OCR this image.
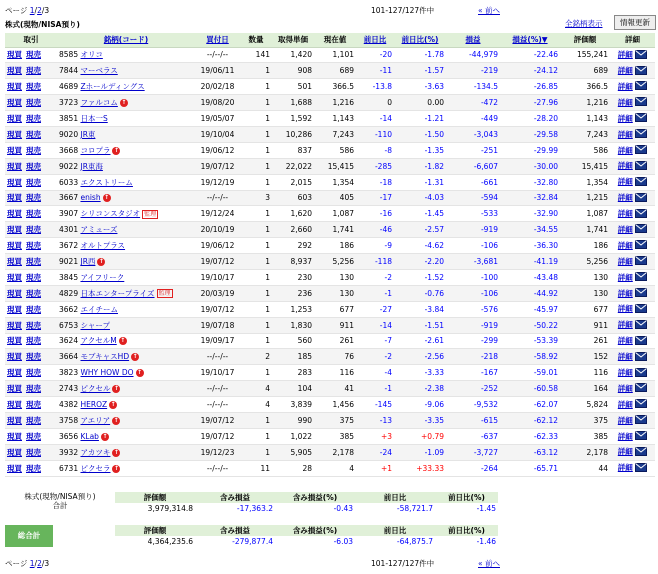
ページ 1/2/3	101-127/127件中	« 前へ
株式(現物/NISA預り)	全銘柄表示	情報更新
取引	銘柄(コード)	買付日	数量	取得単価	現在値	前日比	前日比(%)	損益	損益(%)▼	評価額	詳細
現買 現売	8585 オリコ	--/--/--	141	1,420	1,101	-20	-1.78	-44,979	-22.46	155,241	詳細
現買 現売	7844 マーベラス	19/06/11	1	908	689	-11	-1.57	-219	-24.12	689	詳細
現買 現売	4689 Zホールディングス	20/02/18	1	501	366.5	-13.8	-3.63	-134.5	-26.85	366.5	詳細
現買 現売	3723 ファルコム ↑	19/08/20	1	1,688	1,216	0	0.00	-472	-27.96	1,216	詳細
現買 現売	3851 日本一S	19/05/07	1	1,592	1,143	-14	-1.21	-449	-28.20	1,143	詳細
現買 現売	9020 JR東	19/10/04	1	10,286	7,243	-110	-1.50	-3,043	-29.58	7,243	詳細
現買 現売	3668 コロプラ ↑	19/06/12	1	837	586	-8	-1.35	-251	-29.99	586	詳細
現買 現売	9022 JR東海	19/07/12	1	22,022	15,415	-285	-1.82	-6,607	-30.00	15,415	詳細
現買 現売	6033 エクストリーム	19/12/19	1	2,015	1,354	-18	-1.31	-661	-32.80	1,354	詳細
現買 現売	3667 enish ↑	--/--/--	3	603	405	-17	-4.03	-594	-32.84	1,215	詳細
現買 現売	3907 シリコンスタジオ 監理	19/12/24	1	1,620	1,087	-16	-1.45	-533	-32.90	1,087	詳細
現買 現売	4301 アミューズ	20/10/19	1	2,660	1,741	-46	-2.57	-919	-34.55	1,741	詳細
現買 現売	3672 オルトプラス	19/06/12	1	292	186	-9	-4.62	-106	-36.30	186	詳細
現買 現売	9021 JR西 ↑	19/07/12	1	8,937	5,256	-118	-2.20	-3,681	-41.19	5,256	詳細
現買 現売	3845 アイフリーク	19/10/17	1	230	130	-2	-1.52	-100	-43.48	130	詳細
現買 現売	4829 日本エンタープライズ 監理	20/03/19	1	236	130	-1	-0.76	-106	-44.92	130	詳細
現買 現売	3662 エイチーム	19/07/12	1	1,253	677	-27	-3.84	-576	-45.97	677	詳細
現買 現売	6753 シャープ	19/07/18	1	1,830	911	-14	-1.51	-919	-50.22	911	詳細
現買 現売	3624 アクセルM ↑	19/09/17	1	560	261	-7	-2.61	-299	-53.39	261	詳細
現買 現売	3664 モブキャスHD ↑	--/--/--	2	185	76	-2	-2.56	-218	-58.92	152	詳細
現買 現売	3823 WHY HOW DO ↑	19/10/17	1	283	116	-4	-3.33	-167	-59.01	116	詳細
現買 現売	2743 ピクセル ↑	--/--/--	4	104	41	-1	-2.38	-252	-60.58	164	詳細
現買 現売	4382 HEROZ ↑	--/--/--	4	3,839	1,456	-145	-9.06	-9,532	-62.07	5,824	詳細
現買 現売	3758 アエリア ↑	19/07/12	1	990	375	-13	-3.35	-615	-62.12	375	詳細
現買 現売	3656 KLab ↑	19/07/12	1	1,022	385	+3	+0.79	-637	-62.33	385	詳細
現買 現売	3932 アカツキ ↑	19/12/23	1	5,905	2,178	-24	-1.09	-3,727	-63.12	2,178	詳細
現買 現売	6731 ピクセラ ↑	--/--/--	11	28	4	+1	+33.33	-264	-65.71	44	詳細
株式(現物/NISA預り)
合計
評価額	含み損益	含み損益(%)	前日比	前日比(%)
3,979,314.8	-17,363.2	-0.43	-58,721.7	-1.45
総合計
評価額	含み損益	含み損益(%)	前日比	前日比(%)
4,364,235.6	-279,877.4	-6.03	-64,875.7	-1.46
ページ 1/2/3	101-127/127件中	« 前へ
